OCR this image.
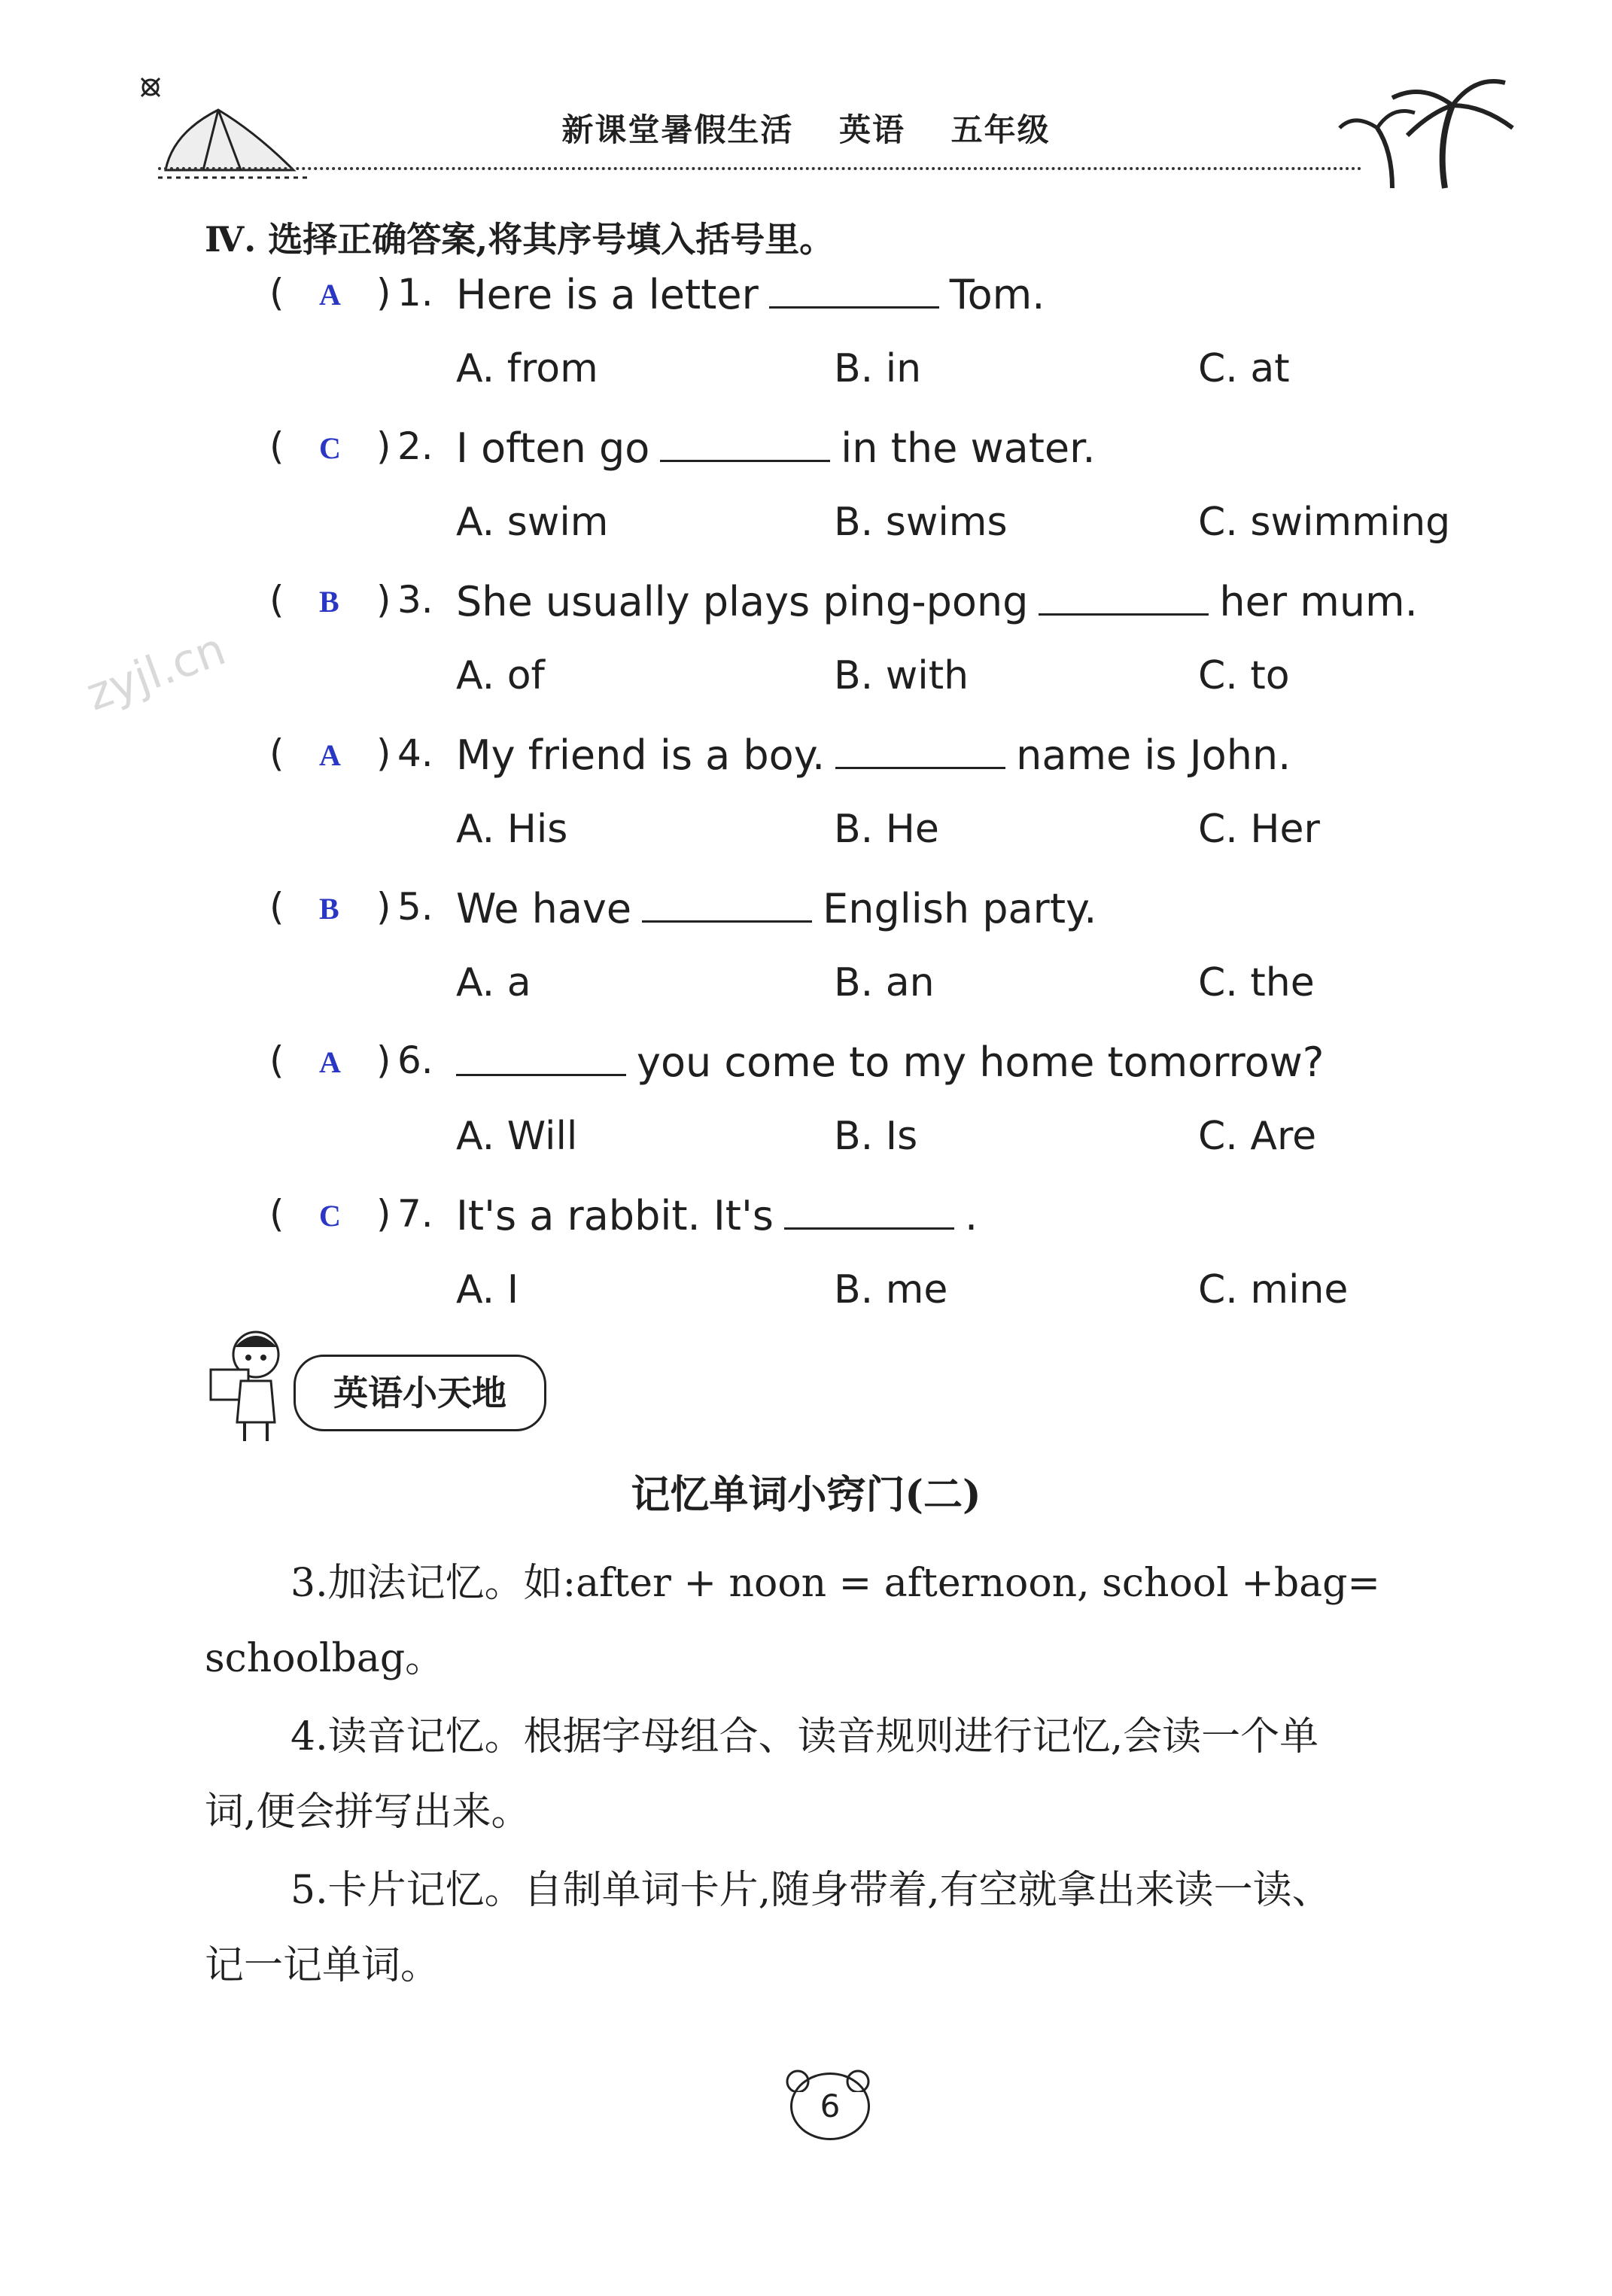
新课堂暑假生活 英语 五年级
Ⅳ. 选择正确答案,将其序号填入括号里。
zyjl.cn
( A ) 1. Here is a letter	Tom.
A. from	B. in	C. at
( C ) 2. I often go	in the water.
A. swim	B. swims	C. swimming
( B ) 3. She usually plays ping-pong	her mum.
A. of	B. with	C. to
( A ) 4. My friend is a boy.	name is John.
A. His	B. He	C. Her
( B ) 5. We have	English party.
A. a	B. an	C. the
( A ) 6.	you come to my home tomorrow?
A. Will	B. Is	C. Are
( C ) 7. It's a rabbit. It's	.
A. I	B. me	C. mine
英语小天地
记忆单词小窍门(二)
3.加法记忆。如:after + noon = afternoon, school +bag=
schoolbag。
4.读音记忆。根据字母组合、读音规则进行记忆,会读一个单
词,便会拼写出来。
5.卡片记忆。自制单词卡片,随身带着,有空就拿出来读一读、
记一记单词。
6
